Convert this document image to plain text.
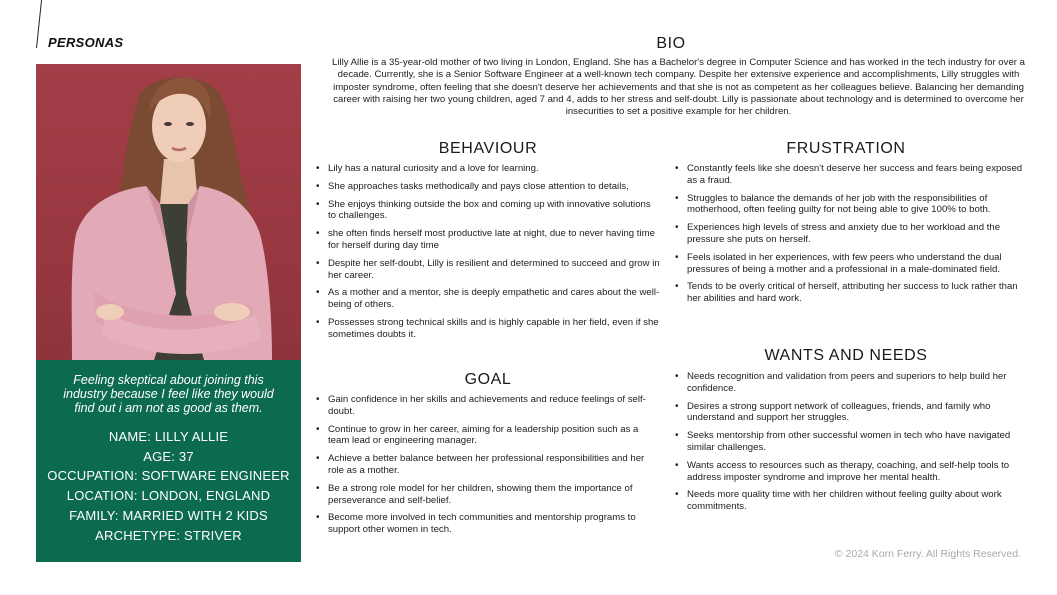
PERSONAS
Feeling skeptical about joining this industry because I feel like they would find out i am not as good as them.
NAME: LILLY ALLIE
AGE: 37
OCCUPATION: SOFTWARE ENGINEER
LOCATION: LONDON, ENGLAND
FAMILY: MARRIED WITH 2 KIDS
ARCHETYPE: STRIVER
BIO
Lilly Allie is a 35-year-old mother of two living in London, England. She has a Bachelor's degree in Computer Science and has worked in the tech industry for over a decade. Currently, she is a Senior Software Engineer at a well-known tech company. Despite her extensive experience and accomplishments, Lilly struggles with imposter syndrome, often feeling that she doesn't deserve her achievements and that she is not as competent as her colleagues believe. Balancing her demanding career with raising her two young children, aged 7 and 4, adds to her stress and self-doubt. Lilly is passionate about technology and is determined to overcome her insecurities to set a positive example for her children.
BEHAVIOUR
• Lily has a natural curiosity and a love for learning.
• She approaches tasks methodically and pays close attention to details,
• She enjoys thinking outside the box and coming up with innovative solutions to challenges.
• she often finds herself most productive late at night, due to never having time for herself during day time
• Despite her self-doubt, Lilly is resilient and determined to succeed and grow in her career.
• As a mother and a mentor, she is deeply empathetic and cares about the well-being of others.
• Possesses strong technical skills and is highly capable in her field, even if she sometimes doubts it.
GOAL
• Gain confidence in her skills and achievements and reduce feelings of self-doubt.
• Continue to grow in her career, aiming for a leadership position such as a team lead or engineering manager.
• Achieve a better balance between her professional responsibilities and her role as a mother.
• Be a strong role model for her children, showing them the importance of perseverance and self-belief.
• Become more involved in tech communities and mentorship programs to support other women in tech.
FRUSTRATION
• Constantly feels like she doesn't deserve her success and fears being exposed as a fraud.
• Struggles to balance the demands of her job with the responsibilities of motherhood, often feeling guilty for not being able to give 100% to both.
• Experiences high levels of stress and anxiety due to her workload and the pressure she puts on herself.
• Feels isolated in her experiences, with few peers who understand the dual pressures of being a mother and a professional in a male-dominated field.
• Tends to be overly critical of herself, attributing her success to luck rather than her abilities and hard work.
WANTS AND NEEDS
• Needs recognition and validation from peers and superiors to help build her confidence.
• Desires a strong support network of colleagues, friends, and family who understand and support her struggles.
• Seeks mentorship from other successful women in tech who have navigated similar challenges.
• Wants access to resources such as therapy, coaching, and self-help tools to address imposter syndrome and improve her mental health.
• Needs more quality time with her children without feeling guilty about work commitments.
© 2024 Korn Ferry. All Rights Reserved.
